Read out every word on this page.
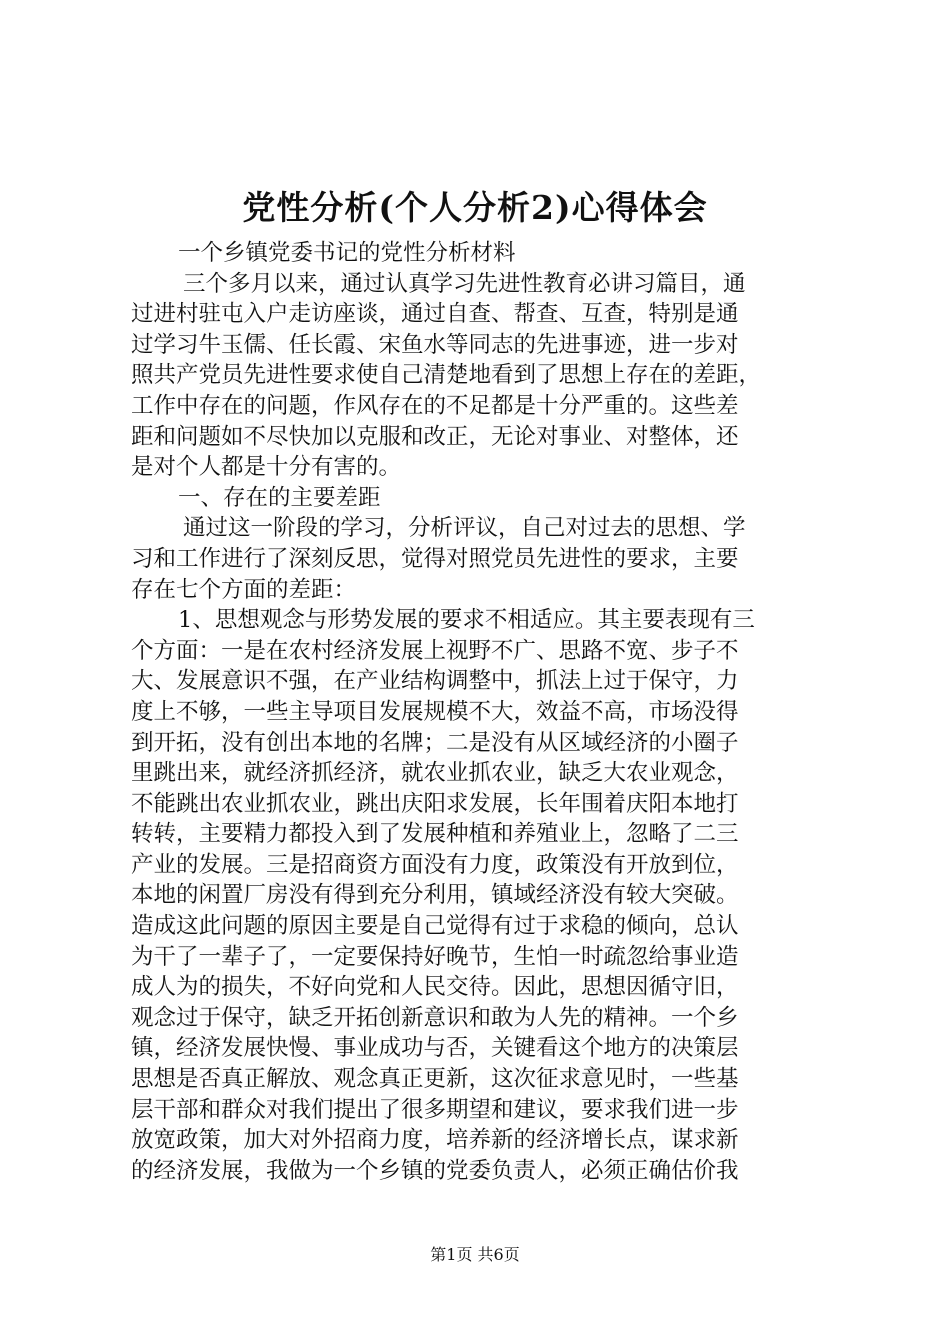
党性分析(个人分析2)心得体会
一个乡镇党委书记的党性分析材料
三个多月以来，通过认真学习先进性教育必讲习篇目，通
过进村驻屯入户走访座谈，通过自查、帮查、互查，特别是通
过学习牛玉儒、任长霞、宋鱼水等同志的先进事迹，进一步对
照共产党员先进性要求使自己清楚地看到了思想上存在的差距，
工作中存在的问题，作风存在的不足都是十分严重的。这些差
距和问题如不尽快加以克服和改正，无论对事业、对整体，还
是对个人都是十分有害的。
一、存在的主要差距
通过这一阶段的学习，分析评议，自己对过去的思想、学
习和工作进行了深刻反思，觉得对照党员先进性的要求，主要
存在七个方面的差距：
1、思想观念与形势发展的要求不相适应。其主要表现有三
个方面：一是在农村经济发展上视野不广、思路不宽、步子不
大、发展意识不强，在产业结构调整中，抓法上过于保守，力
度上不够，一些主导项目发展规模不大，效益不高，市场没得
到开拓，没有创出本地的名牌；二是没有从区域经济的小圈子
里跳出来，就经济抓经济，就农业抓农业，缺乏大农业观念，
不能跳出农业抓农业，跳出庆阳求发展，长年围着庆阳本地打
转转，主要精力都投入到了发展种植和养殖业上，忽略了二三
产业的发展。三是招商资方面没有力度，政策没有开放到位，
本地的闲置厂房没有得到充分利用，镇域经济没有较大突破。
造成这此问题的原因主要是自己觉得有过于求稳的倾向，总认
为干了一辈子了，一定要保持好晚节，生怕一时疏忽给事业造
成人为的损失，不好向党和人民交待。因此，思想因循守旧，
观念过于保守，缺乏开拓创新意识和敢为人先的精神。一个乡
镇，经济发展快慢、事业成功与否，关键看这个地方的决策层
思想是否真正解放、观念真正更新，这次征求意见时，一些基
层干部和群众对我们提出了很多期望和建议，要求我们进一步
放宽政策，加大对外招商力度，培养新的经济增长点，谋求新
的经济发展，我做为一个乡镇的党委负责人，必须正确估价我
第1页 共6页
